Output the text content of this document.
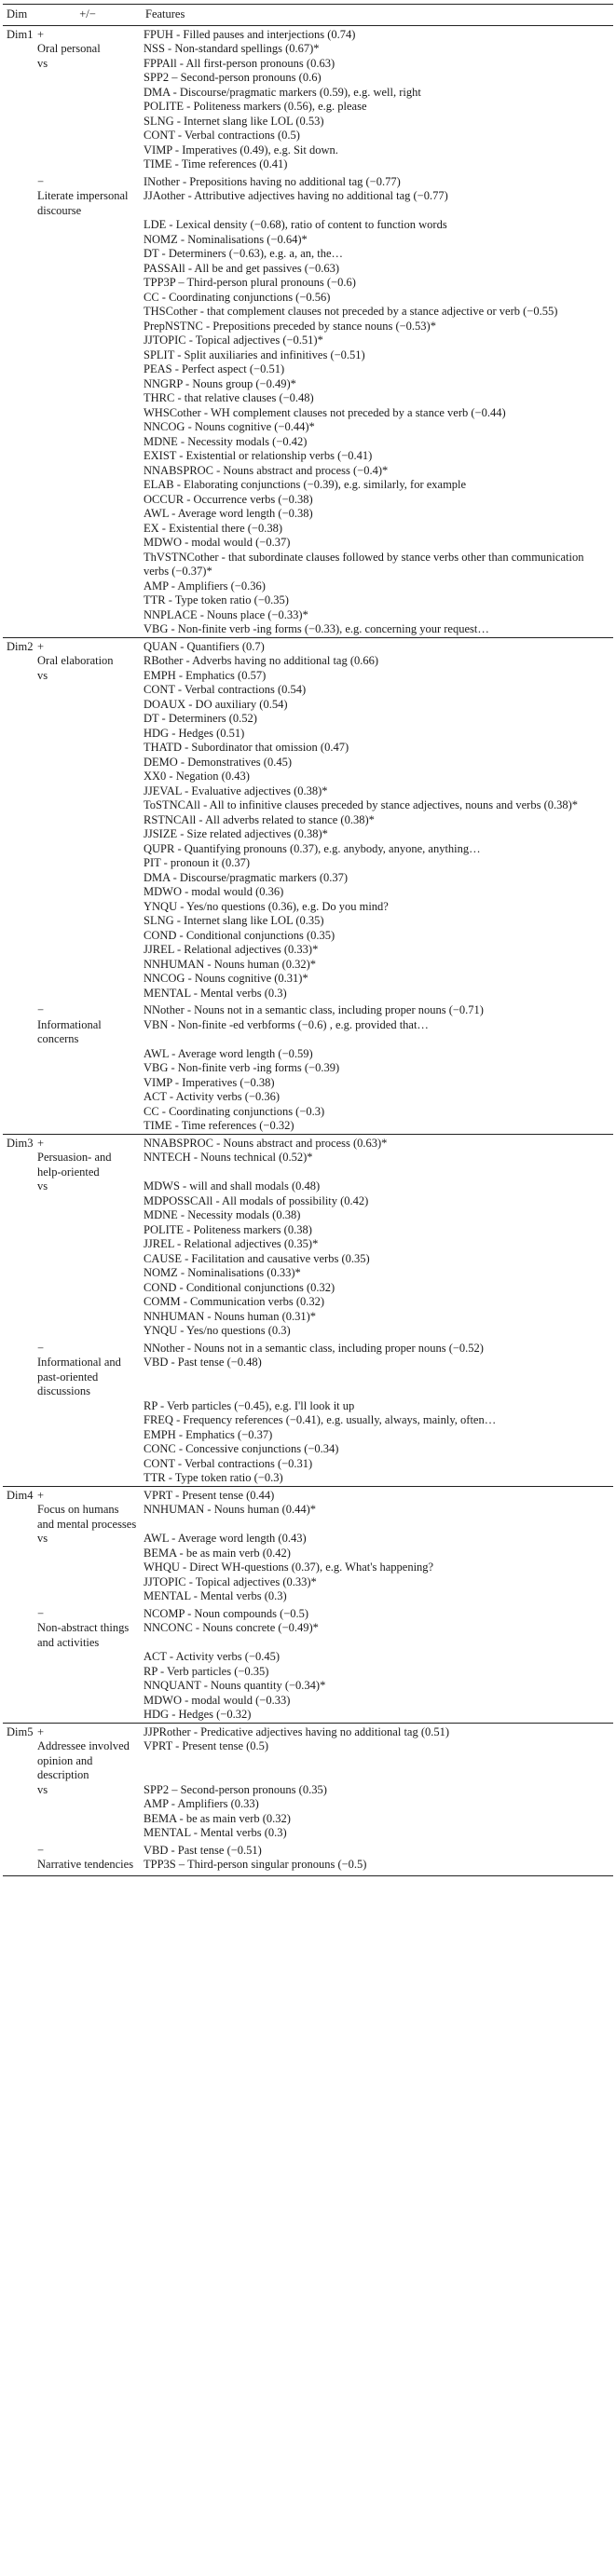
Dim	+/−	Features
Dim1	+	FPUH - Filled pauses and interjections (0.74)

	Oral personal	NSS - Non-standard spellings (0.67)*

	vs	FPPAll - All first-person pronouns (0.63)
		SPP2 – Second-person pronouns (0.6)
		DMA - Discourse/pragmatic markers (0.59), e.g. well, right
		POLITE - Politeness markers (0.56), e.g. please
		SLNG - Internet slang like LOL (0.53)
		CONT - Verbal contractions (0.5)
		VIMP - Imperatives (0.49), e.g. Sit down.
		TIME - Time references (0.41)

	−	INother - Prepositions having no additional tag (−0.77)

	Literate impersonal discourse	JJAother - Attributive adjectives having no additional tag (−0.77)
		LDE - Lexical density (−0.68), ratio of content to function words
		NOMZ - Nominalisations (−0.64)*
		DT - Determiners (−0.63), e.g. a, an, the…
		PASSAll - All be and get passives (−0.63)
		TPP3P – Third-person plural pronouns (−0.6)
		CC - Coordinating conjunctions (−0.56)
		THSCother - that complement clauses not preceded by a stance adjective or verb (−0.55)
		PrepNSTNC - Prepositions preceded by stance nouns (−0.53)*
		JJTOPIC - Topical adjectives (−0.51)*
		SPLIT - Split auxiliaries and infinitives (−0.51)
		PEAS - Perfect aspect (−0.51)
		NNGRP - Nouns group (−0.49)*
		THRC - that relative clauses (−0.48)
		WHSCother - WH complement clauses not preceded by a stance verb (−0.44)
		NNCOG - Nouns cognitive (−0.44)*
		MDNE - Necessity modals (−0.42)
		EXIST - Existential or relationship verbs (−0.41)
		NNABSPROC - Nouns abstract and process (−0.4)*
		ELAB - Elaborating conjunctions (−0.39), e.g. similarly, for example
		OCCUR - Occurrence verbs (−0.38)
		AWL - Average word length (−0.38)
		EX - Existential there (−0.38)
		MDWO - modal would (−0.37)
		ThVSTNCother - that subordinate clauses followed by stance verbs other than communication verbs (−0.37)*
		AMP - Amplifiers (−0.36)
		TTR - Type token ratio (−0.35)
		NNPLACE - Nouns place (−0.33)*
		VBG - Non-finite verb -ing forms (−0.33), e.g. concerning your request…
Dim2	+	QUAN - Quantifiers (0.7)

	Oral elaboration	RBother - Adverbs having no additional tag (0.66)

	vs	EMPH - Emphatics (0.57)
		CONT - Verbal contractions (0.54)
		DOAUX - DO auxiliary (0.54)
		DT - Determiners (0.52)
		HDG - Hedges (0.51)
		THATD - Subordinator that omission (0.47)
		DEMO - Demonstratives (0.45)
		XX0 - Negation (0.43)
		JJEVAL - Evaluative adjectives (0.38)*
		ToSTNCAll - All to infinitive clauses preceded by stance adjectives, nouns and verbs (0.38)*
		RSTNCAll - All adverbs related to stance (0.38)*
		JJSIZE - Size related adjectives (0.38)*
		QUPR - Quantifying pronouns (0.37), e.g. anybody, anyone, anything…
		PIT - pronoun it (0.37)
		DMA - Discourse/pragmatic markers (0.37)
		MDWO - modal would (0.36)
		YNQU - Yes/no questions (0.36), e.g. Do you mind?
		SLNG - Internet slang like LOL (0.35)
		COND - Conditional conjunctions (0.35)
		JJREL - Relational adjectives (0.33)*
		NNHUMAN - Nouns human (0.32)*
		NNCOG - Nouns cognitive (0.31)*
		MENTAL - Mental verbs (0.3)

	−	NNother - Nouns not in a semantic class, including proper nouns (−0.71)

	Informational concerns	VBN - Non-finite -ed verbforms (−0.6) , e.g. provided that…
		AWL - Average word length (−0.59)
		VBG - Non-finite verb -ing forms (−0.39)
		VIMP - Imperatives (−0.38)
		ACT - Activity verbs (−0.36)
		CC - Coordinating conjunctions (−0.3)
		TIME - Time references (−0.32)
Dim3	+	NNABSPROC - Nouns abstract and process (0.63)*

	Persuasion- and help-oriented	NNTECH - Nouns technical (0.52)*

	vs	MDWS - will and shall modals (0.48)
		MDPOSSCAll - All modals of possibility (0.42)
		MDNE - Necessity modals (0.38)
		POLITE - Politeness markers (0.38)
		JJREL - Relational adjectives (0.35)*
		CAUSE - Facilitation and causative verbs (0.35)
		NOMZ - Nominalisations (0.33)*
		COND - Conditional conjunctions (0.32)
		COMM - Communication verbs (0.32)
		NNHUMAN - Nouns human (0.31)*
		YNQU - Yes/no questions (0.3)

	−	NNother - Nouns not in a semantic class, including proper nouns (−0.52)

	Informational and past-oriented discussions	VBD - Past tense (−0.48)
		RP - Verb particles (−0.45), e.g. I'll look it up
		FREQ - Frequency references (−0.41), e.g. usually, always, mainly, often…
		EMPH - Emphatics (−0.37)
		CONC - Concessive conjunctions (−0.34)
		CONT - Verbal contractions (−0.31)
		TTR - Type token ratio (−0.3)
Dim4	+	VPRT - Present tense (0.44)

	Focus on humans and mental processes	NNHUMAN - Nouns human (0.44)*

	vs	AWL - Average word length (0.43)
		BEMA - be as main verb (0.42)
		WHQU - Direct WH-questions (0.37), e.g. What's happening?
		JJTOPIC - Topical adjectives (0.33)*
		MENTAL - Mental verbs (0.3)

	−	NCOMP - Noun compounds (−0.5)

	Non-abstract things and activities	NNCONC - Nouns concrete (−0.49)*
		ACT - Activity verbs (−0.45)
		RP - Verb particles (−0.35)
		NNQUANT - Nouns quantity (−0.34)*
		MDWO - modal would (−0.33)
		HDG - Hedges (−0.32)
Dim5	+	JJPRother - Predicative adjectives having no additional tag (0.51)

	Addressee involved opinion and description	VPRT - Present tense (0.5)

	vs	SPP2 – Second-person pronouns (0.35)
		AMP - Amplifiers (0.33)
		BEMA - be as main verb (0.32)
		MENTAL - Mental verbs (0.3)

	−	VBD - Past tense (−0.51)

	Narrative tendencies	TPP3S – Third-person singular pronouns (−0.5)
